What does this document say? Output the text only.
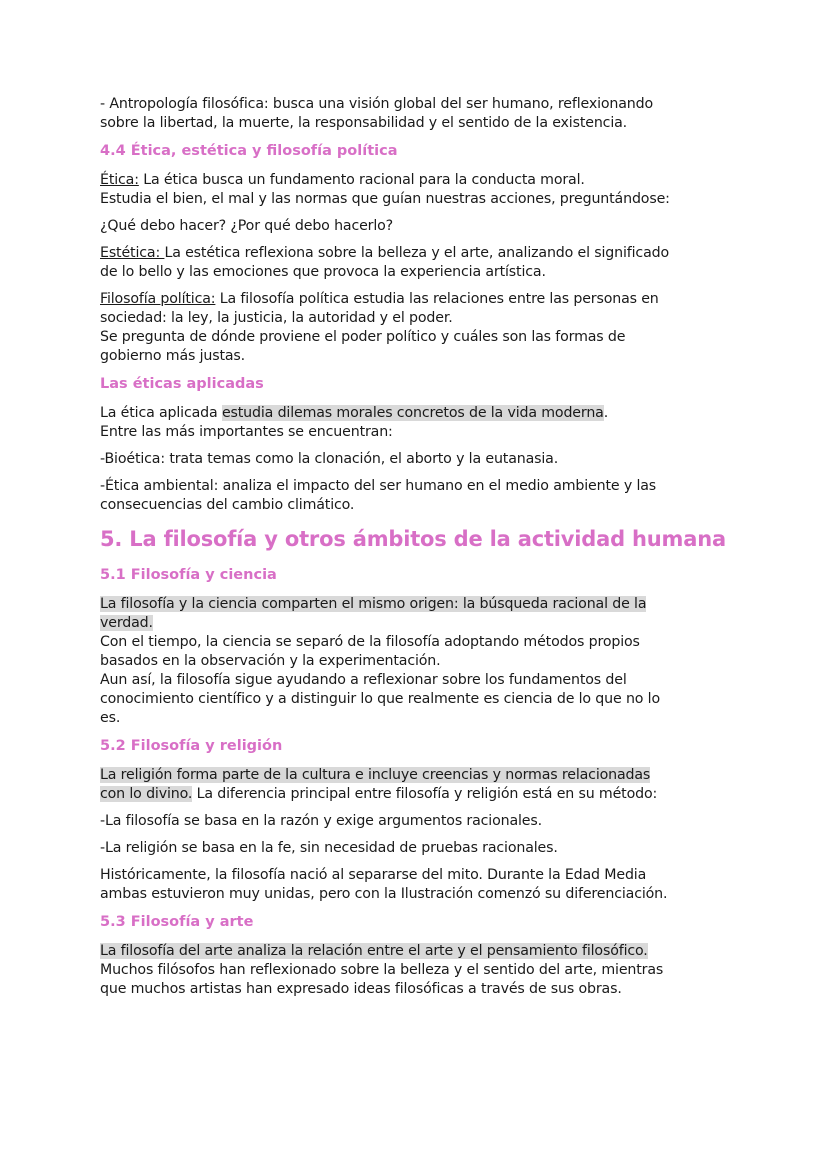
- Antropología filosófica: busca una visión global del ser humano, reflexionando
sobre la libertad, la muerte, la responsabilidad y el sentido de la existencia.

4.4 Ética, estética y filosofía política

Ética: La ética busca un fundamento racional para la conducta moral.
Estudia el bien, el mal y las normas que guían nuestras acciones, preguntándose:

¿Qué debo hacer? ¿Por qué debo hacerlo?

Estética: La estética reflexiona sobre la belleza y el arte, analizando el significado
de lo bello y las emociones que provoca la experiencia artística.

Filosofía política: La filosofía política estudia las relaciones entre las personas en
sociedad: la ley, la justicia, la autoridad y el poder.
Se pregunta de dónde proviene el poder político y cuáles son las formas de
gobierno más justas.

Las éticas aplicadas

La ética aplicada estudia dilemas morales concretos de la vida moderna.
Entre las más importantes se encuentran:

-Bioética: trata temas como la clonación, el aborto y la eutanasia.

-Ética ambiental: analiza el impacto del ser humano en el medio ambiente y las
consecuencias del cambio climático.

5. La filosofía y otros ámbitos de la actividad humana
5.1 Filosofía y ciencia

La filosofía y la ciencia comparten el mismo origen: la búsqueda racional de la
verdad.
Con el tiempo, la ciencia se separó de la filosofía adoptando métodos propios
basados en la observación y la experimentación.
Aun así, la filosofía sigue ayudando a reflexionar sobre los fundamentos del
conocimiento científico y a distinguir lo que realmente es ciencia de lo que no lo
es.

5.2 Filosofía y religión

La religión forma parte de la cultura e incluye creencias y normas relacionadas
con lo divino. La diferencia principal entre filosofía y religión está en su método:

-La filosofía se basa en la razón y exige argumentos racionales.

-La religión se basa en la fe, sin necesidad de pruebas racionales.

Históricamente, la filosofía nació al separarse del mito. Durante la Edad Media
ambas estuvieron muy unidas, pero con la Ilustración comenzó su diferenciación.

5.3 Filosofía y arte

La filosofía del arte analiza la relación entre el arte y el pensamiento filosófico.
Muchos filósofos han reflexionado sobre la belleza y el sentido del arte, mientras
que muchos artistas han expresado ideas filosóficas a través de sus obras.
